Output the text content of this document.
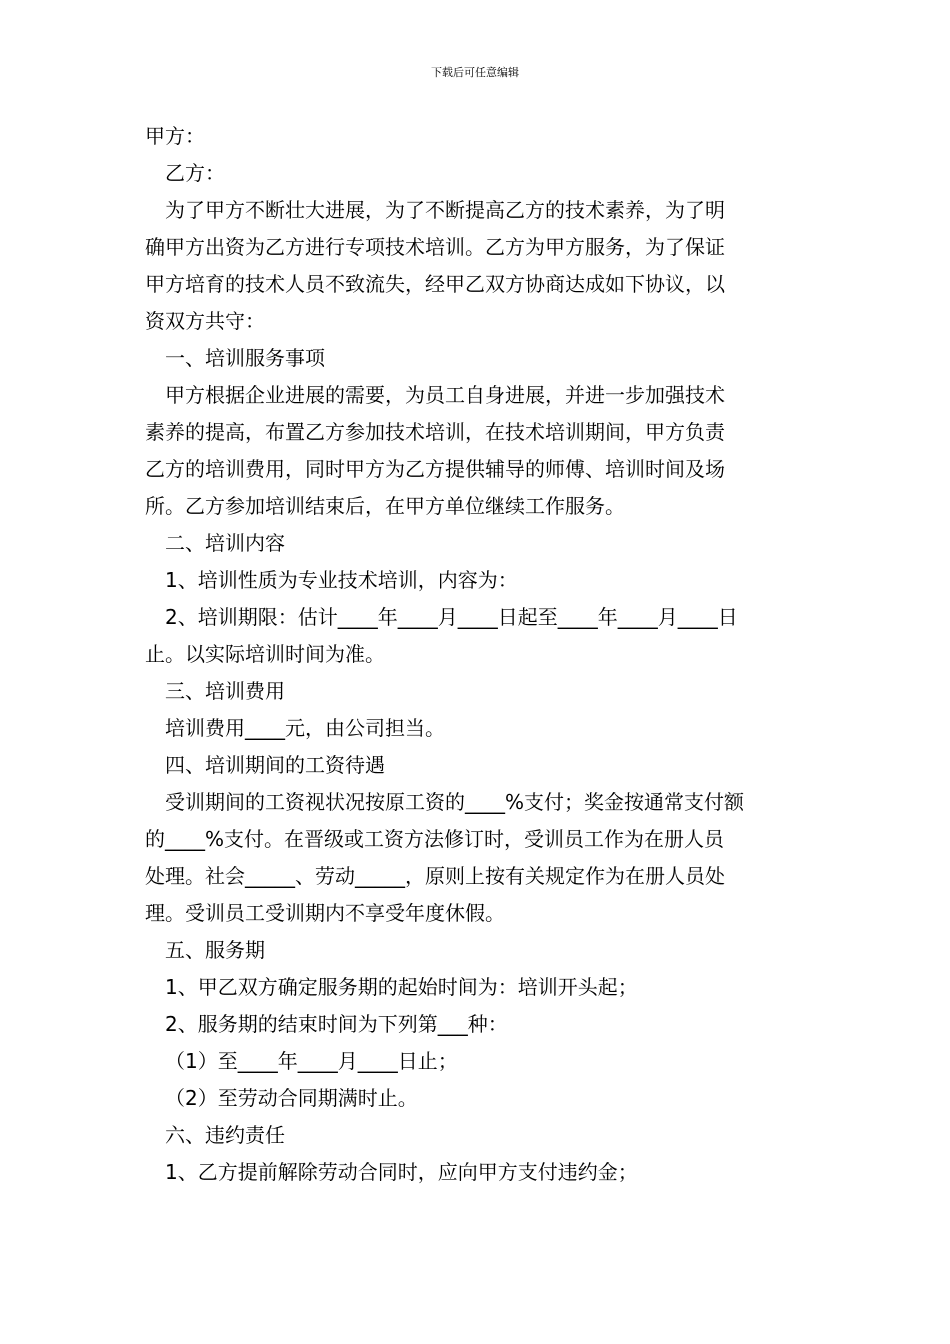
下载后可任意编辑
甲方：
乙方：
为了甲方不断壮大进展，为了不断提高乙方的技术素养，为了明
确甲方出资为乙方进行专项技术培训。乙方为甲方服务，为了保证
甲方培育的技术人员不致流失，经甲乙双方协商达成如下协议，以
资双方共守：
一、培训服务事项
甲方根据企业进展的需要，为员工自身进展，并进一步加强技术
素养的提高，布置乙方参加技术培训，在技术培训期间，甲方负责
乙方的培训费用，同时甲方为乙方提供辅导的师傅、培训时间及场
所。乙方参加培训结束后，在甲方单位继续工作服务。
二、培训内容
1、培训性质为专业技术培训，内容为：
2、培训期限：估计____年____月____日起至____年____月____日
止。以实际培训时间为准。
三、培训费用
培训费用____元，由公司担当。
四、培训期间的工资待遇
受训期间的工资视状况按原工资的____%支付；奖金按通常支付额
的____%支付。在晋级或工资方法修订时，受训员工作为在册人员
处理。社会_____、劳动_____，原则上按有关规定作为在册人员处
理。受训员工受训期内不享受年度休假。
五、服务期
1、甲乙双方确定服务期的起始时间为：培训开头起；
2、服务期的结束时间为下列第___种：
（1）至____年____月____日止；
（2）至劳动合同期满时止。
六、违约责任
1、乙方提前解除劳动合同时，应向甲方支付违约金；
